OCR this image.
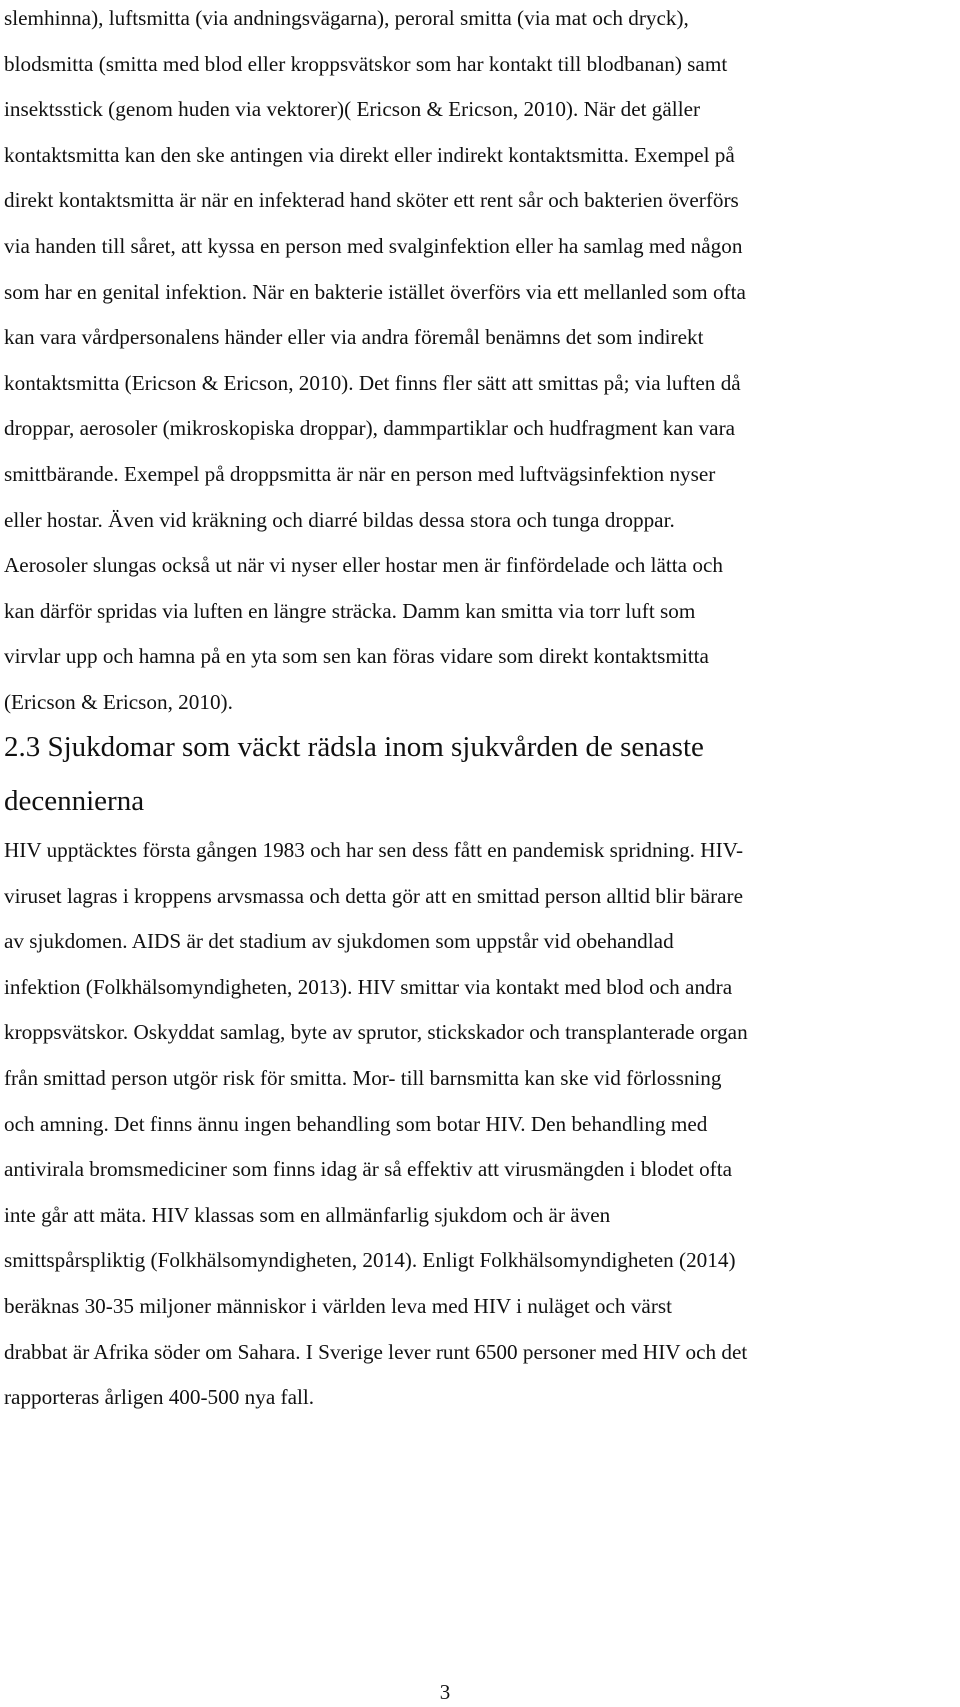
slemhinna), luftsmitta (via andningsvägarna), peroral smitta (via mat och dryck),
blodsmitta (smitta med blod eller kroppsvätskor som har kontakt till blodbanan) samt
insektsstick (genom huden via vektorer)( Ericson & Ericson, 2010). När det gäller
kontaktsmitta kan den ske antingen via direkt eller indirekt kontaktsmitta. Exempel på
direkt kontaktsmitta är när en infekterad hand sköter ett rent sår och bakterien överförs
via handen till såret, att kyssa en person med svalginfektion eller ha samlag med någon
som har en genital infektion. När en bakterie istället överförs via ett mellanled som ofta
kan vara vårdpersonalens händer eller via andra föremål benämns det som indirekt
kontaktsmitta (Ericson & Ericson, 2010). Det finns fler sätt att smittas på; via luften då
droppar, aerosoler (mikroskopiska droppar), dammpartiklar och hudfragment kan vara
smittbärande. Exempel på droppsmitta är när en person med luftvägsinfektion nyser
eller hostar. Även vid kräkning och diarré bildas dessa stora och tunga droppar.
Aerosoler slungas också ut när vi nyser eller hostar men är finfördelade och lätta och
kan därför spridas via luften en längre sträcka. Damm kan smitta via torr luft som
virvlar upp och hamna på en yta som sen kan föras vidare som direkt kontaktsmitta
(Ericson & Ericson, 2010).
2.3 Sjukdomar som väckt rädsla inom sjukvården de senaste
decennierna
HIV upptäcktes första gången 1983 och har sen dess fått en pandemisk spridning. HIV-
viruset lagras i kroppens arvsmassa och detta gör att en smittad person alltid blir bärare
av sjukdomen. AIDS är det stadium av sjukdomen som uppstår vid obehandlad
infektion (Folkhälsomyndigheten, 2013). HIV smittar via kontakt med blod och andra
kroppsvätskor. Oskyddat samlag, byte av sprutor, stickskador och transplanterade organ
från smittad person utgör risk för smitta. Mor- till barnsmitta kan ske vid förlossning
och amning. Det finns ännu ingen behandling som botar HIV. Den behandling med
antivirala bromsmediciner som finns idag är så effektiv att virusmängden i blodet ofta
inte går att mäta. HIV klassas som en allmänfarlig sjukdom och är även
smittspårspliktig (Folkhälsomyndigheten, 2014). Enligt Folkhälsomyndigheten (2014)
beräknas 30-35 miljoner människor i världen leva med HIV i nuläget och värst
drabbat är Afrika söder om Sahara. I Sverige lever runt 6500 personer med HIV och det
rapporteras årligen 400-500 nya fall.
3
